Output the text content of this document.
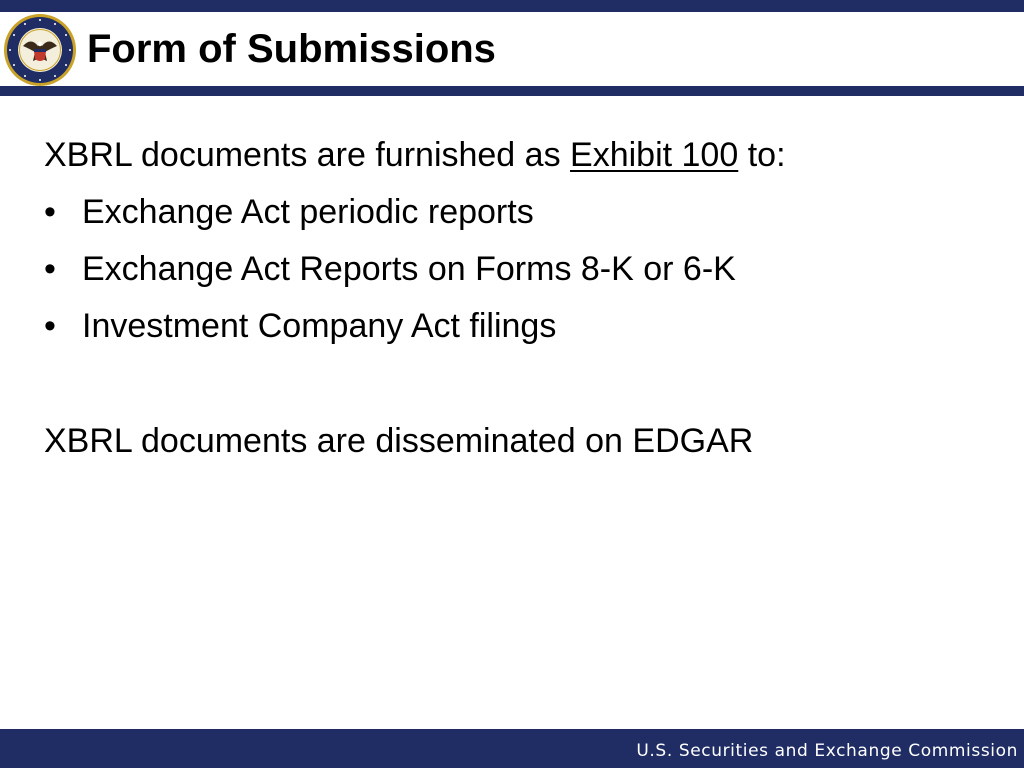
Form of Submissions
XBRL documents are furnished as Exhibit 100 to:
• Exchange Act periodic reports
• Exchange Act Reports on Forms 8-K or 6-K
• Investment Company Act filings
XBRL documents are disseminated on EDGAR
U.S. Securities and Exchange Commission
